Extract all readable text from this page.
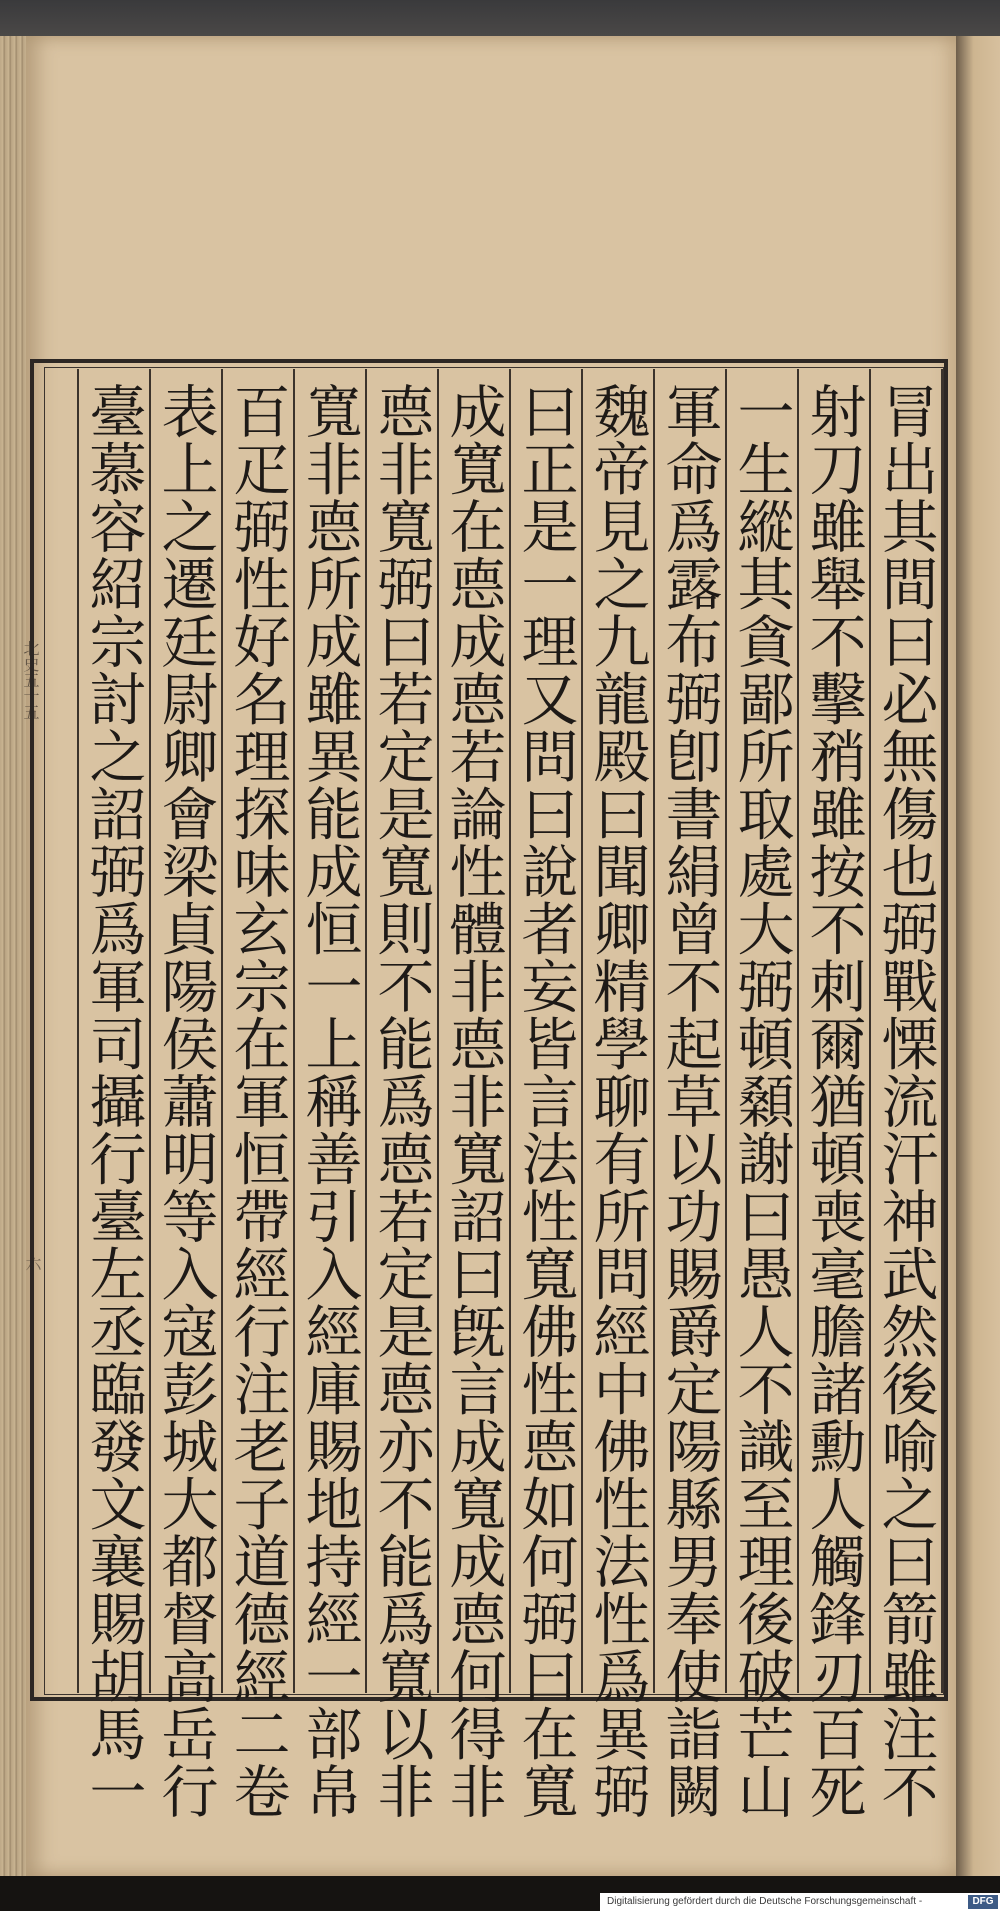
北史五十五
六	冐出其間曰必無傷也弼戰慄流汗神武然後喻之曰箭雖注不
射刀雖舉不擊矟雖按不刺爾猶頓喪毫膽諸勳人觸鋒刃百死
一生縱其貪鄙所取處大弼頓顙謝曰愚人不識至理後破芒山
軍命爲露布弼卽書絹曾不起草以功賜爵定陽縣男奉使詣闕
魏帝見之九龍殿曰聞卿精學聊有所問經中佛性法性爲異弼
曰正是一理又問曰說者妄皆言法性寬佛性㥁如何弼曰在寬
成寬在㥁成㥁若論性體非㥁非寬詔曰旣言成寬成㥁何得非
㥁非寬弼曰若定是寬則不能爲㥁若定是㥁亦不能爲寬以非
寬非㥁所成雖異能成恒一上稱善引入經庫賜地持經一部帛
百疋弼性好名理探味玄宗在軍恒帶經行注老子道德經二卷
表上之遷廷尉卿會梁貞陽侯蕭明等入寇彭城大都督高岳行
臺慕容紹宗討之詔弼爲軍司攝行臺左丞臨發文襄賜胡馬一
Digitalisierung gefördert durch die Deutsche Forschungsgemeinschaft -	DFG
